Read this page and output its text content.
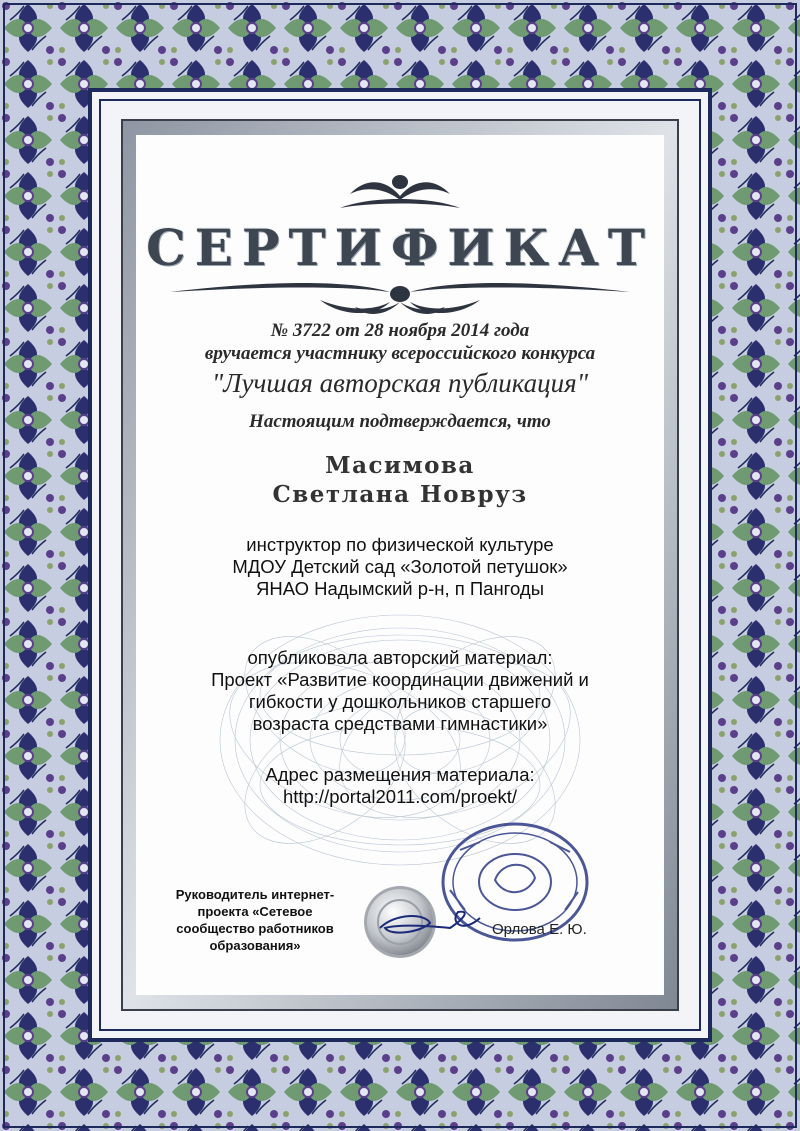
СЕРТИФИКАТ
№ 3722 от 28 ноября 2014 года
вручается участнику всероссийского конкурса
"Лучшая авторская публикация"
Настоящим подтверждается, что
Масимова
Светлана Новруз
инструктор по физической культуре
МДОУ Детский сад «Золотой петушок»
ЯНАО Надымский р-н, п Пангоды
опубликовала авторский материал:
Проект «Развитие координации движений и
гибкости у дошкольников старшего
возраста средствами гимнастики»
Адрес размещения материала:
http://portal2011.com/proekt/
Руководитель интернет-
проекта «Сетевое
сообщество работников
образования»
Орлова Е. Ю.
